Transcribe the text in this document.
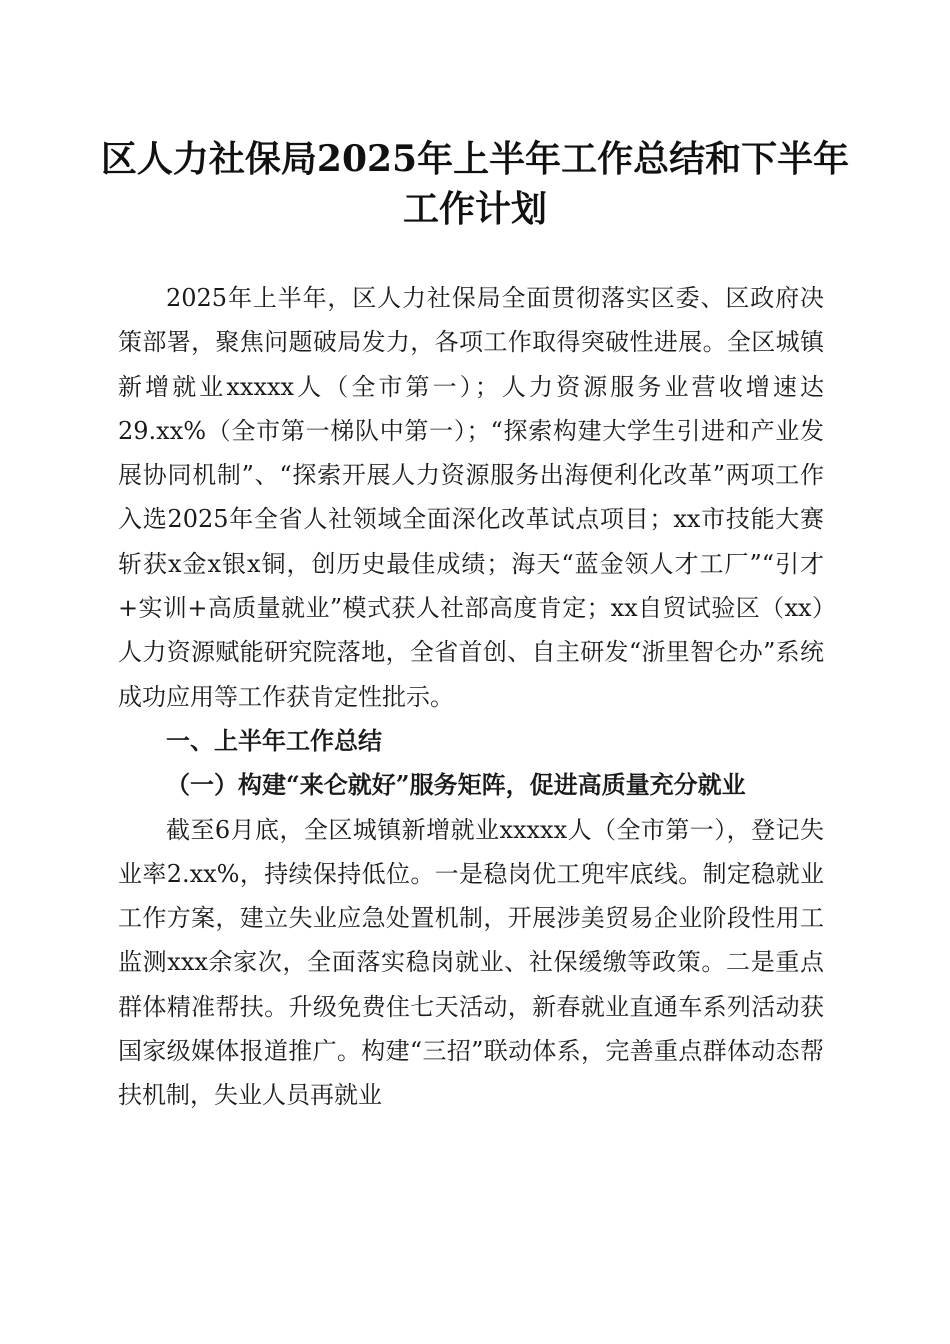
区人力社保局2025年上半年工作总结和下半年工作计划

2025年上半年，区人力社保局全面贯彻落实区委、区政府决策部署，聚焦问题破局发力，各项工作取得突破性进展。全区城镇新增就业xxxxx人（全市第一）；人力资源服务业营收增速达29.xx%（全市第一梯队中第一）；“探索构建大学生引进和产业发展协同机制”、“探索开展人力资源服务出海便利化改革”两项工作入选2025年全省人社领域全面深化改革试点项目；xx市技能大赛斩获x金x银x铜，创历史最佳成绩；海天“蓝金领人才工厂”“引才+实训+高质量就业”模式获人社部高度肯定；xx自贸试验区（xx）人力资源赋能研究院落地，全省首创、自主研发“浙里智仑办”系统成功应用等工作获肯定性批示。

一、上半年工作总结

（一）构建“来仑就好”服务矩阵，促进高质量充分就业

截至6月底，全区城镇新增就业xxxxx人（全市第一），登记失业率2.xx%，持续保持低位。一是稳岗优工兜牢底线。制定稳就业工作方案，建立失业应急处置机制，开展涉美贸易企业阶段性用工监测xxx余家次，全面落实稳岗就业、社保缓缴等政策。二是重点群体精准帮扶。升级免费住七天活动，新春就业直通车系列活动获国家级媒体报道推广。构建“三招”联动体系，完善重点群体动态帮扶机制，失业人员再就业
